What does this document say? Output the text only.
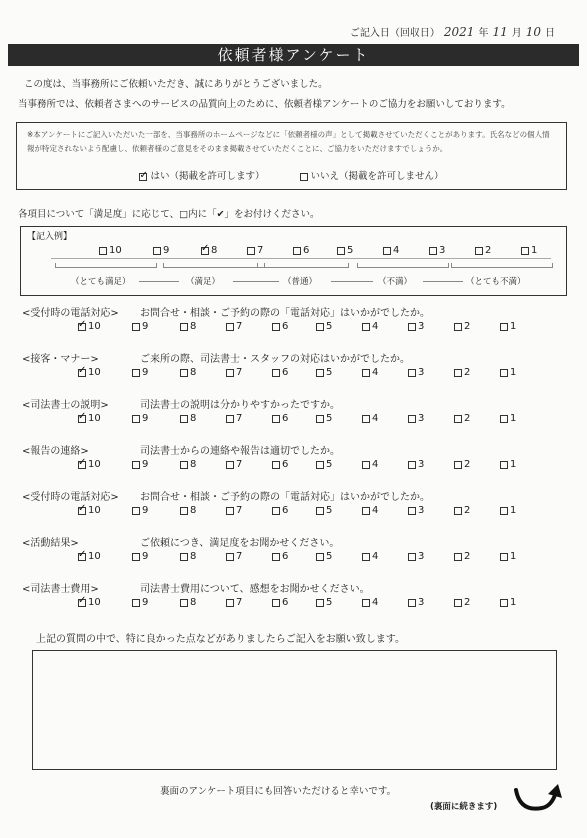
ご記入日（回収日） 2021 年 11 月 10 日
依頼者様アンケート
この度は、当事務所にご依頼いただき、誠にありがとうございました。
当事務所では、依頼者さまへのサービスの品質向上のために、依頼者様アンケートのご協力をお願いしております。
※本アンケートにご記入いただいた一部を、当事務所のホームページなどに「依頼者様の声」として掲載させていただくことがあります。氏名などの個人情報が特定されないよう配慮し、依頼者様のご意見をそのまま掲載させていただくことに、ご協力をいただけますでしょうか。
✓ はい（掲載を許可します）	いいえ（掲載を許可しません）
各項目について「満足度」に応じて、□内に「✔」をお付けください。
【記入例】
10	9
✓	8	7	6	5	4	3	2	1
（とても満足）	（満足）	（普通）	（不満）	（とても不満）
<受付時の電話対応> お問合せ・相談・ご予約の際の「電話対応」はいかがでしたか。
✓
10	9	8	7	6	5	4	3	2	1
<接客・マナー>	ご来所の際、司法書士・スタッフの対応はいかがでしたか。
✓
10	9	8	7	6	5	4	3	2	1
<司法書士の説明>	司法書士の説明は分かりやすかったですか。
✓
10	9	8	7	6	5	4	3	2	1
<報告の連絡>	司法書士からの連絡や報告は適切でしたか。
✓
10	9	8	7	6	5	4	3	2	1
<受付時の電話対応> お問合せ・相談・ご予約の際の「電話対応」はいかがでしたか。
✓
10	9	8	7	6	5	4	3	2	1
<活動結果>	ご依頼につき、満足度をお聞かせください。
✓
10	9	8	7	6	5	4	3	2	1
<司法書士費用>	司法書士費用について、感想をお聞かせください。
✓
10	9	8	7	6	5	4	3	2	1
上記の質問の中で、特に良かった点などがありましたらご記入をお願い致します。
裏面のアンケート項目にも回答いただけると幸いです。
(裏面に続きます)
